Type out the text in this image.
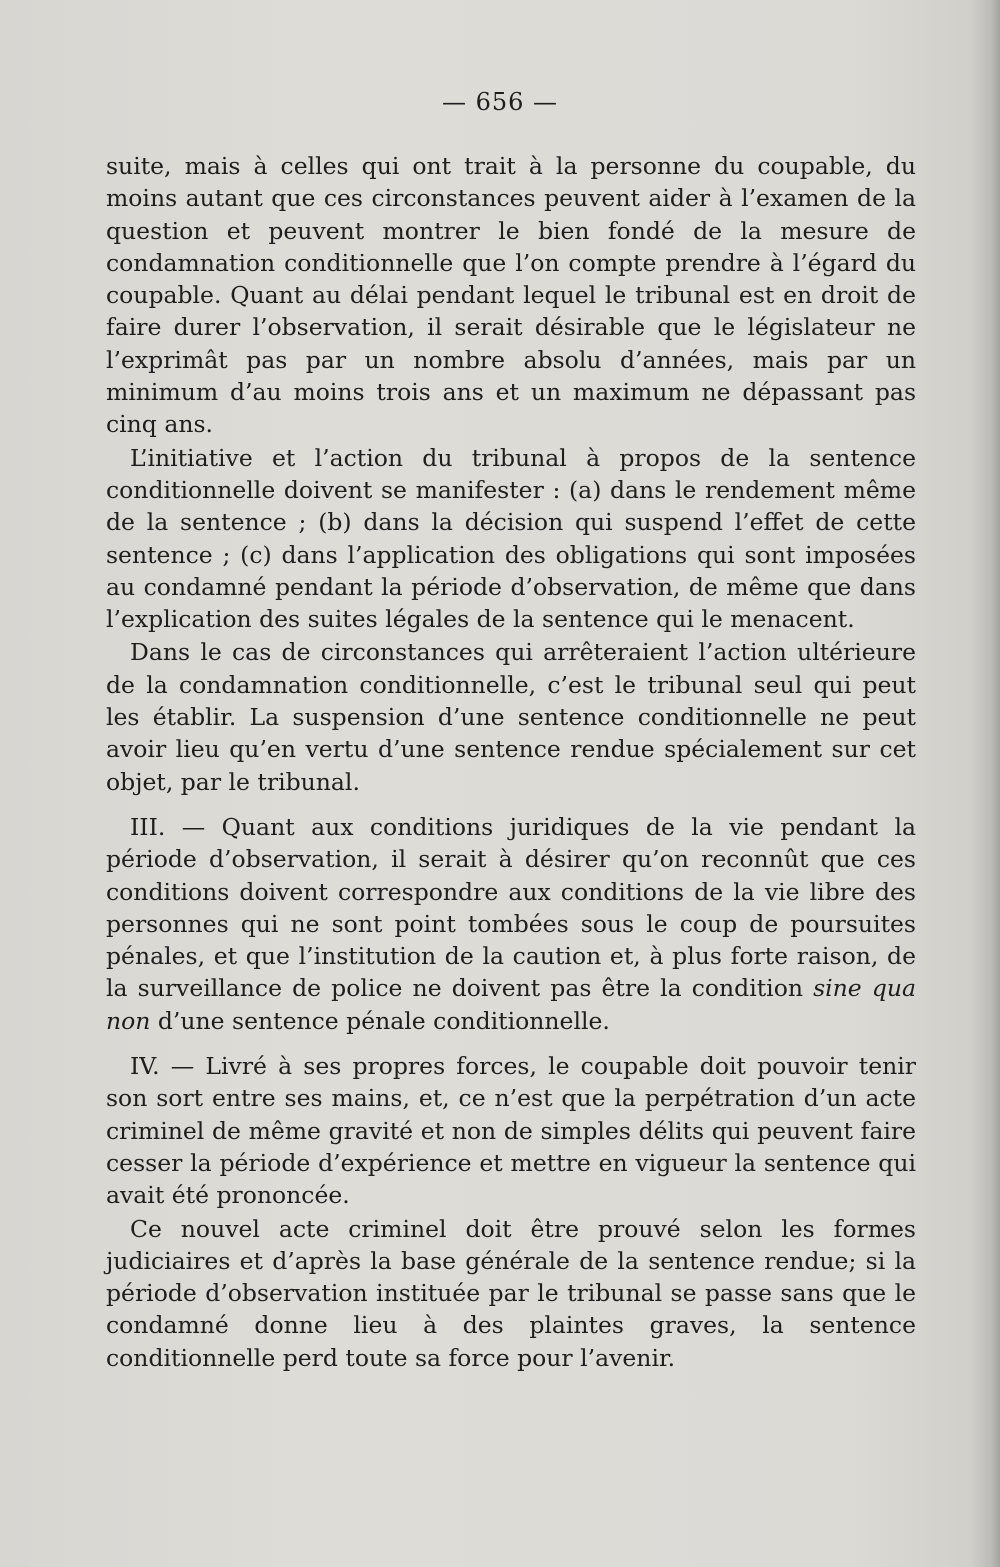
— 656 —

suite, mais à celles qui ont trait à la personne du coupable, du moins autant que ces circonstances peuvent aider à l’examen de la question et peuvent montrer le bien fondé de la mesure de condamnation conditionnelle que l’on compte prendre à l’égard du coupable. Quant au délai pendant lequel le tribunal est en droit de faire durer l’observation, il serait désirable que le législateur ne l’exprimât pas par un nombre absolu d’années, mais par un minimum d’au moins trois ans et un maximum ne dépassant pas cinq ans.

L’initiative et l’action du tribunal à propos de la sentence conditionnelle doivent se manifester : (a) dans le rendement même de la sentence ; (b) dans la décision qui suspend l’effet de cette sentence ; (c) dans l’application des obligations qui sont imposées au condamné pendant la période d’observation, de même que dans l’explication des suites légales de la sentence qui le menacent.

Dans le cas de circonstances qui arrêteraient l’action ultérieure de la condamnation conditionnelle, c’est le tribunal seul qui peut les établir. La suspension d’une sentence conditionnelle ne peut avoir lieu qu’en vertu d’une sentence rendue spécialement sur cet objet, par le tribunal.

III. — Quant aux conditions juridiques de la vie pendant la période d’observation, il serait à désirer qu’on reconnût que ces conditions doivent correspondre aux conditions de la vie libre des personnes qui ne sont point tombées sous le coup de poursuites pénales, et que l’institution de la caution et, à plus forte raison, de la surveillance de police ne doivent pas être la condition sine qua non d’une sentence pénale conditionnelle.

IV. — Livré à ses propres forces, le coupable doit pouvoir tenir son sort entre ses mains, et, ce n’est que la perpétration d’un acte criminel de même gravité et non de simples délits qui peuvent faire cesser la période d’expérience et mettre en vigueur la sentence qui avait été prononcée.

Ce nouvel acte criminel doit être prouvé selon les formes judiciaires et d’après la base générale de la sentence rendue; si la période d’observation instituée par le tribunal se passe sans que le condamné donne lieu à des plaintes graves, la sentence conditionnelle perd toute sa force pour l’avenir.
